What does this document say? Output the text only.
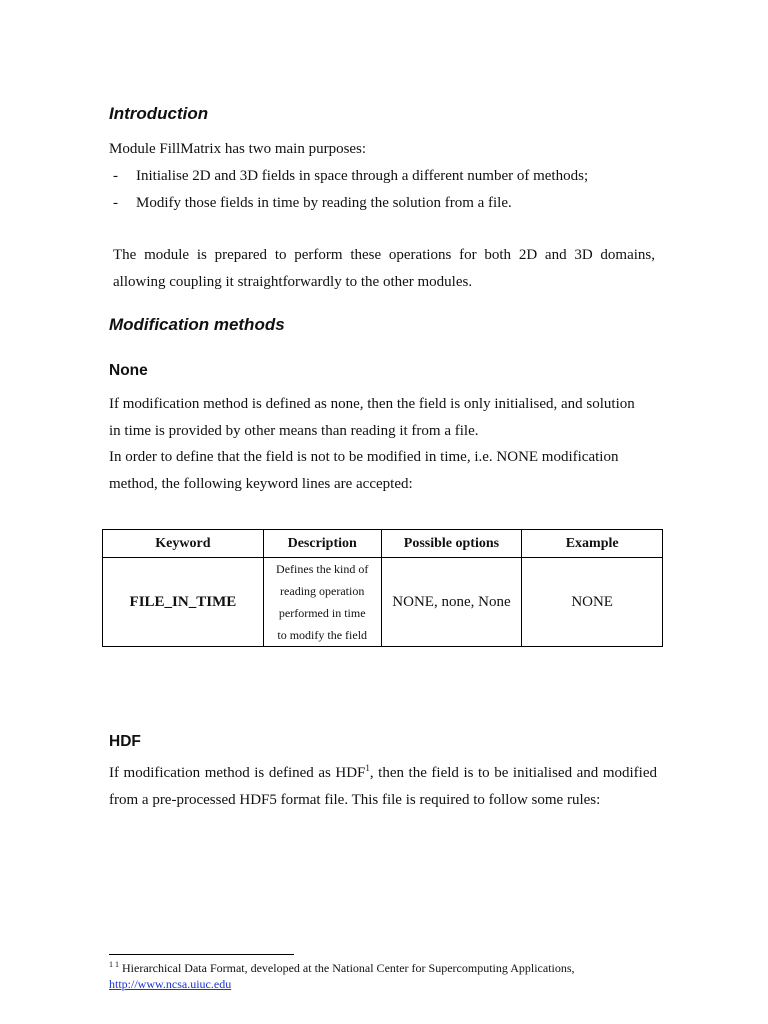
Introduction
Module FillMatrix has two main purposes:
- Initialise 2D and 3D fields in space through a different number of methods;
- Modify those fields in time by reading the solution from a file.

The module is prepared to perform these operations for both 2D and 3D domains, allowing coupling it straightforwardly to the other modules.

Modification methods
None
If modification method is defined as none, then the field is only initialised, and solution
in time is provided by other means than reading it from a file.
In order to define that the field is not to be modified in time, i.e. NONE modification
method, the following keyword lines are accepted:
Keyword	Description	Possible options	Example
FILE_IN_TIME	Defines the kind of
reading operation
performed in time
to modify the field	NONE, none, None	NONE
HDF

If modification method is defined as HDF$^1$, then the field is to be initialised and modified from a pre-processed HDF5 format file. This file is required to follow some rules:

$^{1 1}$ Hierarchical Data Format, developed at the National Center for Supercomputing Applications,
http://www.ncsa.uiuc.edu
